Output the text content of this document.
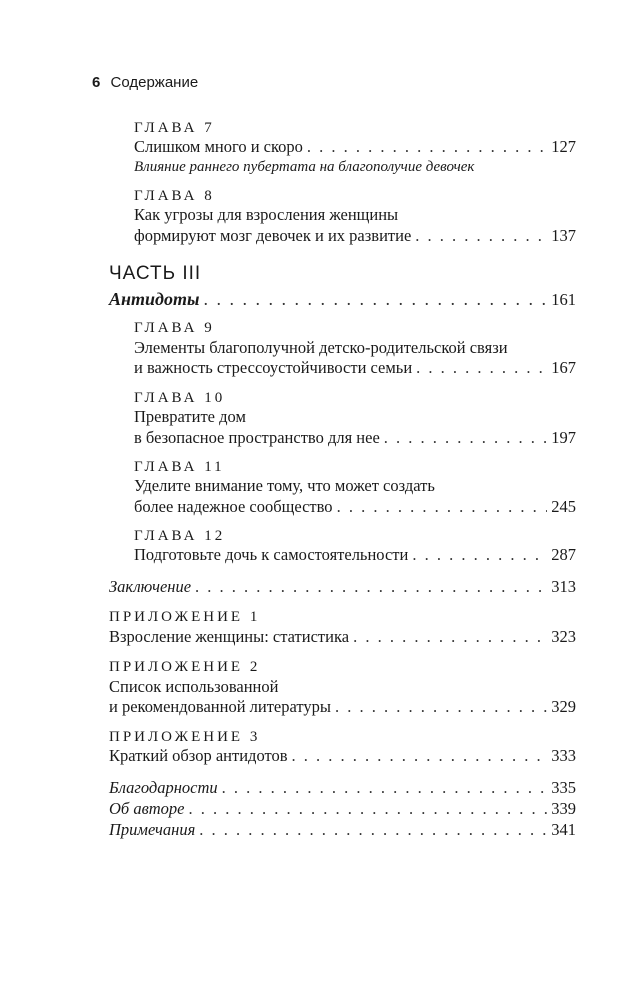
6 Содержание
ГЛАВА 7
Слишком много и скоро . . .	127
Влияние раннего пубертата на благополучие девочек
ГЛАВА 8
Как угрозы для взросления женщины
формируют мозг девочек и их развитие . . .	137
ЧАСТЬ III
Антидоты . . .	161
ГЛАВА 9
Элементы благополучной детско-родительской связи
и важность стрессоустойчивости семьи . . .	167
ГЛАВА 10
Превратите дом
в безопасное пространство для нее . . .	197
ГЛАВА 11
Уделите внимание тому, что может создать
более надежное сообщество . . .	245
ГЛАВА 12
Подготовьте дочь к самостоятельности . . .	287
Заключение . . .	313
ПРИЛОЖЕНИЕ 1
Взросление женщины: статистика . . .	323
ПРИЛОЖЕНИЕ 2
Список использованной
и рекомендованной литературы . . .	329
ПРИЛОЖЕНИЕ 3
Краткий обзор антидотов . . .	333
Благодарности . . .	335
Об авторе . . .	339
Примечания . . .	341
